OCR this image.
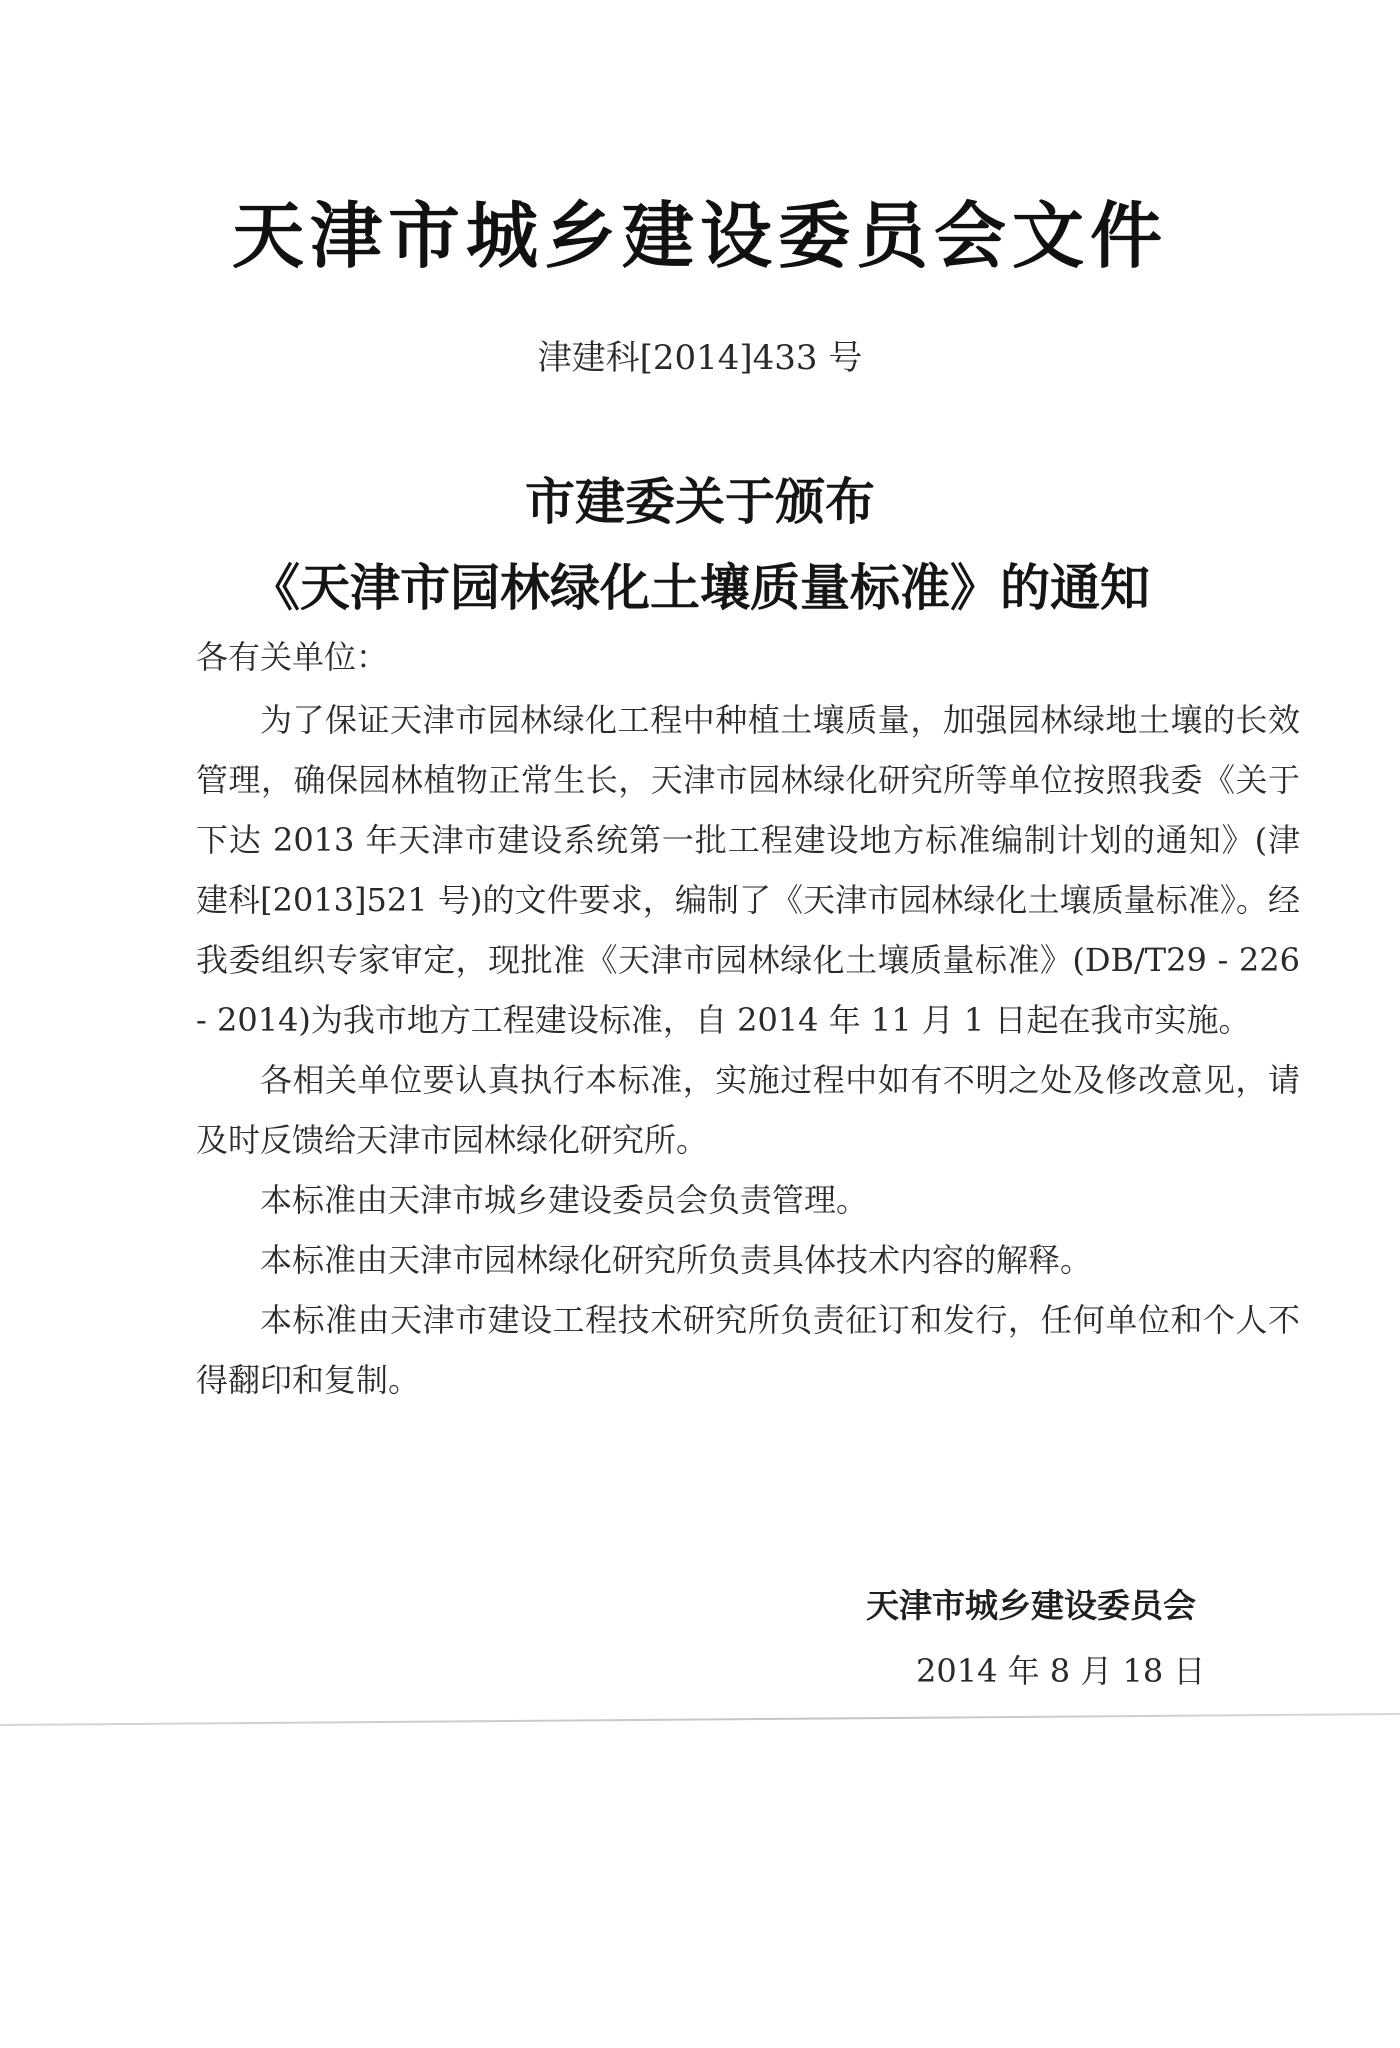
天津市城乡建设委员会文件
津建科[2014]433 号
市建委关于颁布
《天津市园林绿化土壤质量标准》的通知
各有关单位：

为了保证天津市园林绿化工程中种植土壤质量，加强园林绿地土壤的长效管理，确保园林植物正常生长，天津市园林绿化研究所等单位按照我委《关于下达 2013 年天津市建设系统第一批工程建设地方标准编制计划的通知》(津建科[2013]521 号)的文件要求，编制了《天津市园林绿化土壤质量标准》。经我委组织专家审定，现批准《天津市园林绿化土壤质量标准》(DB/T29 - 226 - 2014)为我市地方工程建设标准，自 2014 年 11 月 1 日起在我市实施。

各相关单位要认真执行本标准，实施过程中如有不明之处及修改意见，请及时反馈给天津市园林绿化研究所。

本标准由天津市城乡建设委员会负责管理。

本标准由天津市园林绿化研究所负责具体技术内容的解释。

本标准由天津市建设工程技术研究所负责征订和发行，任何单位和个人不得翻印和复制。

天津市城乡建设委员会
2014 年 8 月 18 日
